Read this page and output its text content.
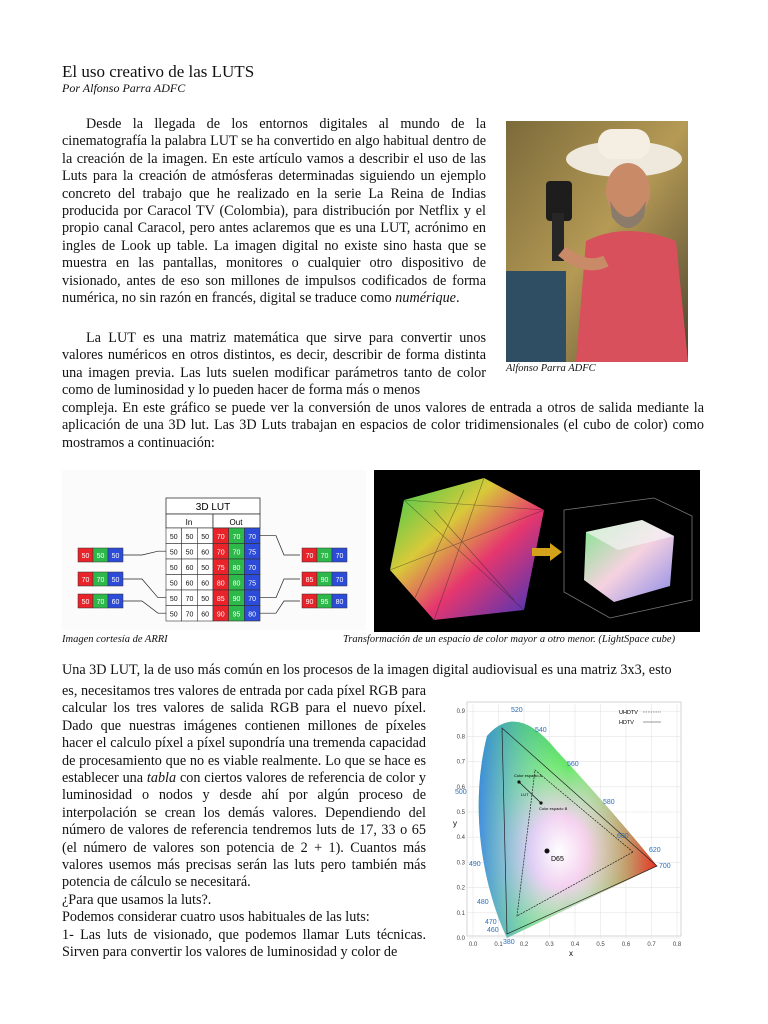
El uso creativo de las LUTS
Por Alfonso Parra ADFC

Desde la llegada de los entornos digitales al mundo de la cinematografía la palabra LUT se ha convertido en algo habitual dentro de la creación de la imagen. En este artículo vamos a describir el uso de las Luts para la creación de atmósferas determinadas siguiendo un ejemplo concreto del trabajo que he realizado en la serie La Reina de Indias producida por Caracol TV (Colombia), para distribución por Netflix y el propio canal Caracol, pero antes aclaremos que es una LUT, acrónimo en ingles de Look up table. La imagen digital no existe sino hasta que se muestra en las pantallas, monitores o cualquier otro dispositivo de visionado, antes de eso son millones de impulsos codificados de forma numérica, no sin razón en francés, digital se traduce como numérique.

Alfonso Parra ADFC

La LUT es una matriz matemática que sirve para convertir unos valores numéricos en otros distintos, es decir, describir de forma distinta una imagen previa. Las luts suelen modificar parámetros tanto de color como de luminosidad y lo pueden hacer de forma más o menos

compleja. En este gráfico se puede ver la conversión de unos valores de entrada a otros de salida mediante la aplicación de una 3D lut. Las 3D Luts trabajan en espacios de color tridimensionales (el cubo de color) como mostramos a continuación:

3D LUT
In	Out
50 50 50 70 70 70
50 50 60 70 70 75
50 60 50 75 80 70
50 60 60 80 80 75
50 70 50 85 90 70
50 70 60 90 95 80
50 50 50
70 70 50
50 70 60
70 70 70
85 90 70
90 95 80
Imagen cortesía de ARRI	Transformación de un espacio de color mayor a otro menor. (LightSpace cube)

Una 3D LUT, la de uso más común en los procesos de la imagen digital audiovisual es una matriz 3x3, esto

es, necesitamos tres valores de entrada por cada píxel RGB para calcular los tres valores de salida RGB para el nuevo píxel. Dado que nuestras imágenes contienen millones de píxeles hacer el calculo píxel a píxel supondría una tremenda capacidad de procesamiento que no es viable realmente. Lo que se hace es establecer una tabla con ciertos valores de referencia de color y luminosidad o nodos y desde ahí por algún proceso de interpolación se crean los demás valores. Dependiendo del número de valores de referencia tendremos luts de 17, 33 o 65 (el número de valores son potencia de 2 + 1). Cuantos más valores usemos más precisas serán las luts pero también más potencia de cálculo se necesitará.

¿Para que usamos la luts?.

Podemos considerar cuatro usos habituales de las luts:

1- Las luts de visionado, que podemos llamar Luts técnicas. Sirven para convertir los valores de luminosidad y color de

D65
Color espacio A
Color espacio B
LUT
UHDTV
HDTV
520
540
560
580
600
620
700
500
490
480
470
460
380
0.0	0.1	0.2	0.3	0.4	0.5	0.6	0.7	0.8
0.0
0.1
0.2
0.3
0.4
0.5
0.6
0.7
0.8
0.9
x
y
